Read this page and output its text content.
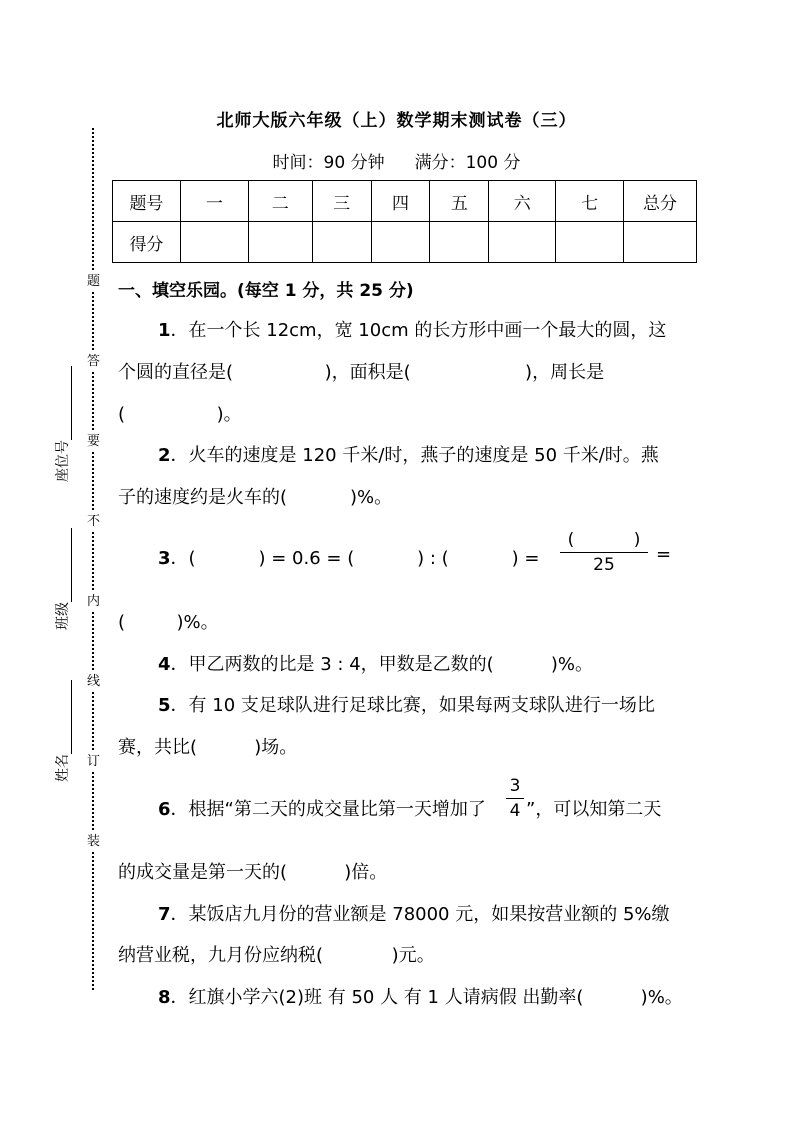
题
答
要
不
内
线
订
装
座位号
班级
姓名
北师大版六年级（上）数学期末测试卷（三）
时间：90 分钟 满分：100 分
题号	一	二	三	四	五	六	七	总分
得分								
一、填空乐园。(每空 1 分，共 25 分)
1．在一个长 12cm，宽 10cm 的长方形中画一个最大的圆，这
个圆的直径是(                )，面积是(                    )，周长是
(                )。
2．火车的速度是 120 千米/时，燕子的速度是 50 千米/时。燕
子的速度约是火车的(           )%。
3．(           ) = 0.6 = (           ) : (           ) =
(           )
25	=
(         )%。
4．甲乙两数的比是 3 : 4，甲数是乙数的(          )%。
5．有 10 支足球队进行足球比赛，如果每两支球队进行一场比
赛，共比(          )场。
6．根据“第二天的成交量比第一天增加了
3
4 ”，可以知第二天
的成交量是第一天的(          )倍。
7．某饭店九月份的营业额是 78000 元，如果按营业额的 5%缴
纳营业税，九月份应纳税(            )元。
8．红旗小学六(2)班 有 50 人 有 1 人请病假 出勤率(          )%。
